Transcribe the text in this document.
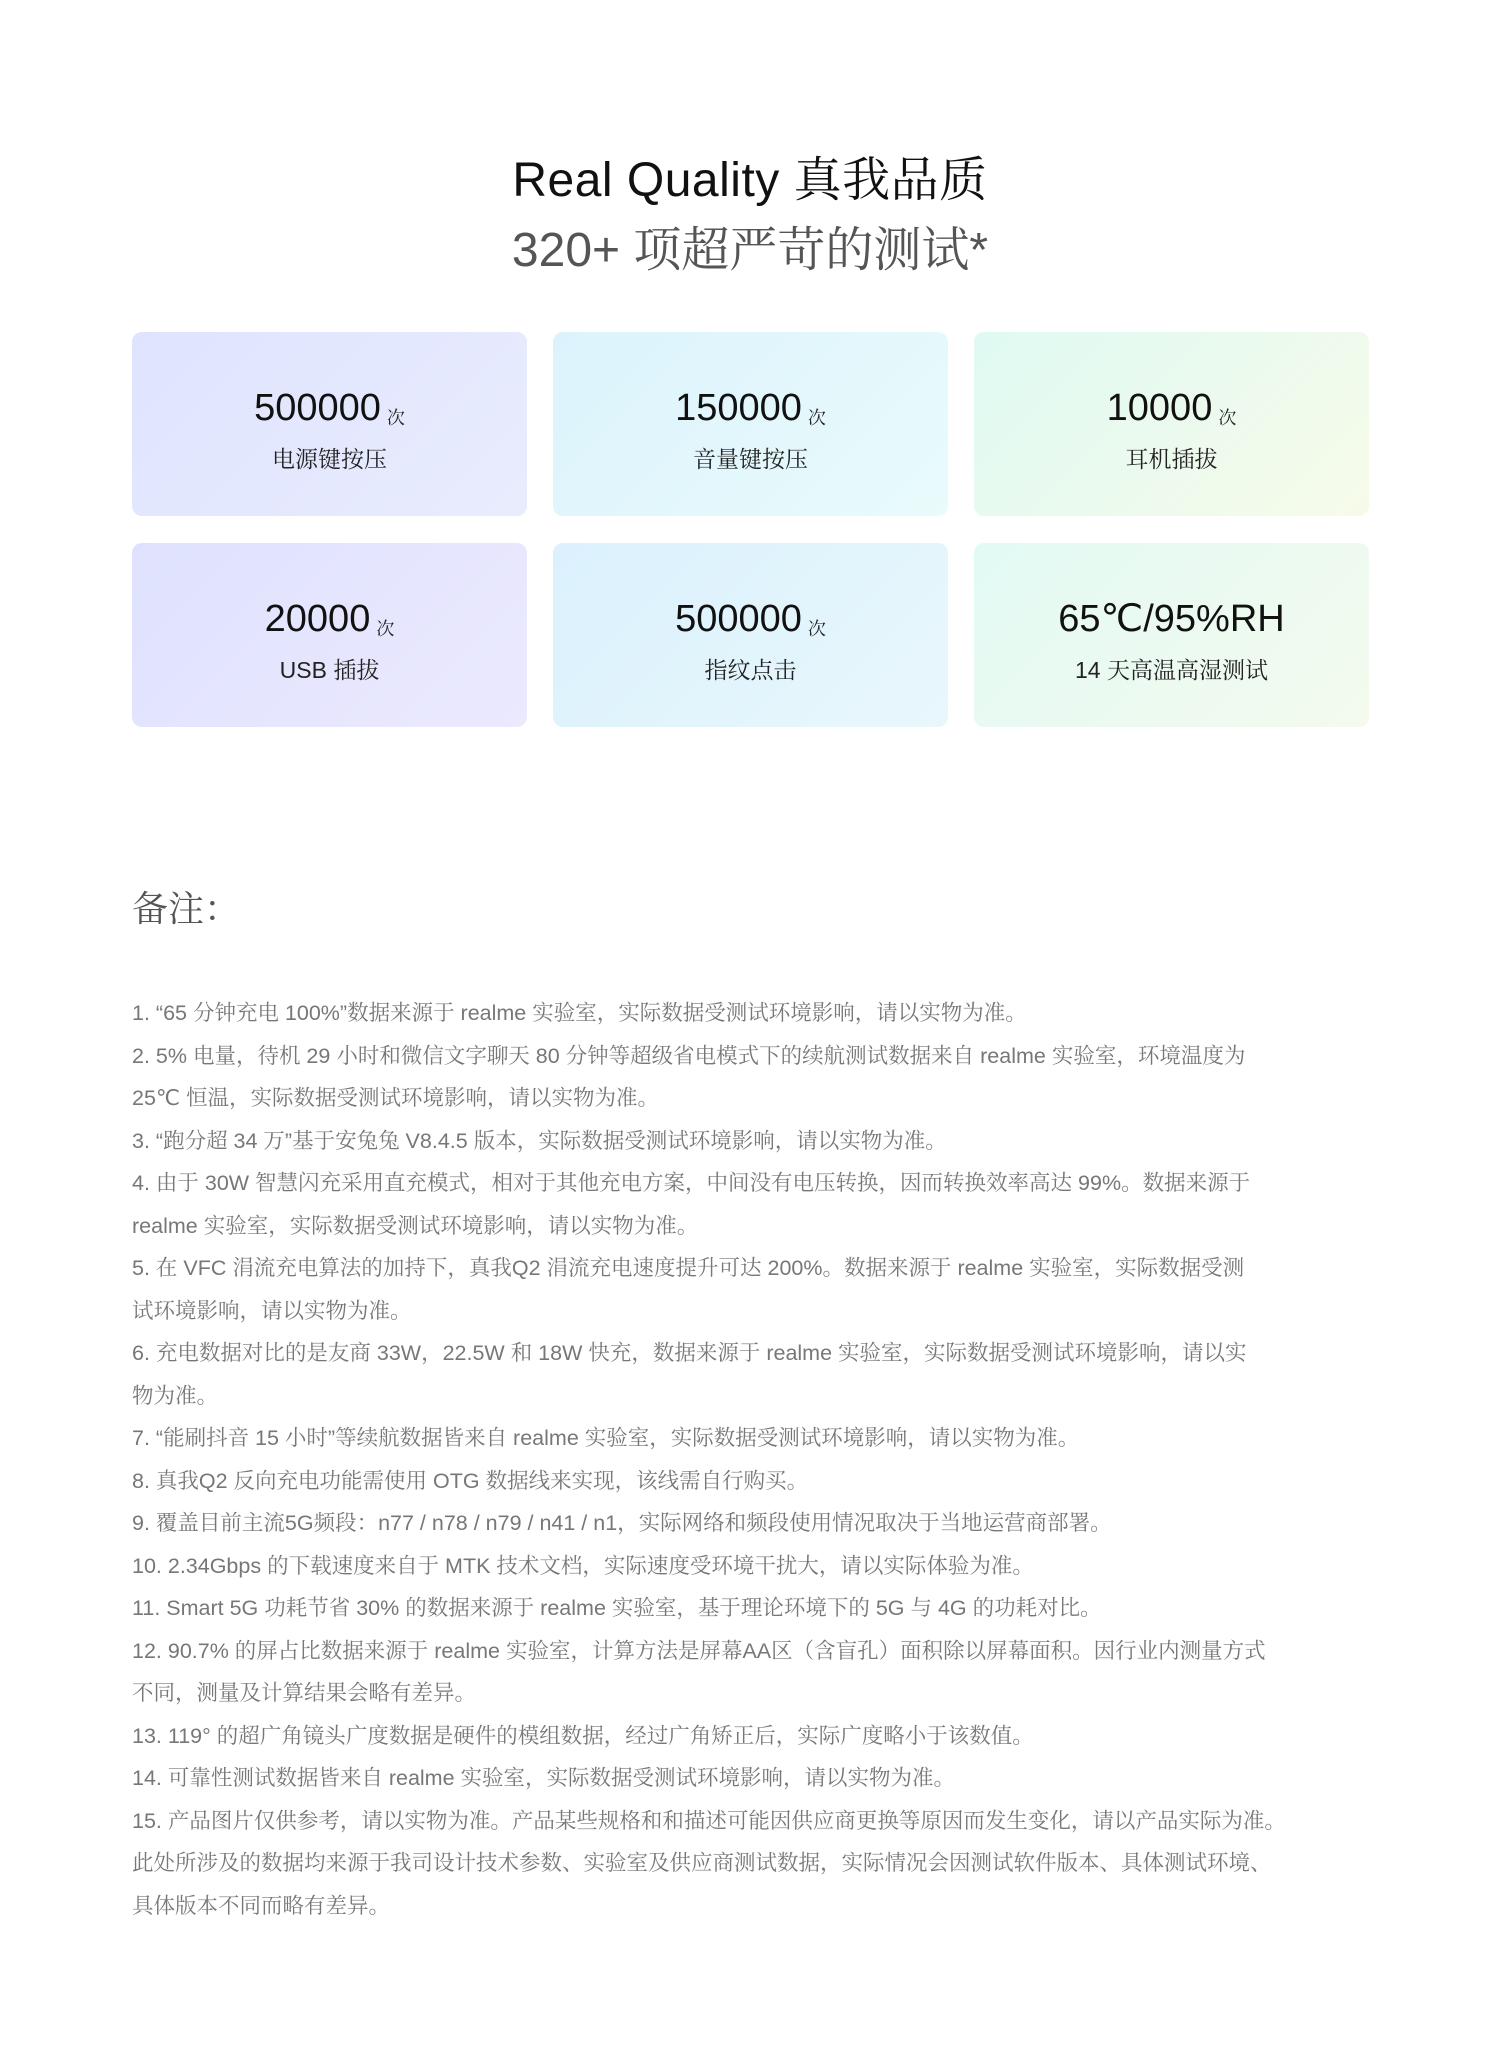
Real Quality 真我品质
320+ 项超严苛的测试*
500000 次
电源键按压
150000 次
音量键按压
10000 次
耳机插拔
20000 次
USB 插拔
500000 次
指纹点击
65℃/95%RH
14 天高温高湿测试
备注：
1. “65 分钟充电 100%”数据来源于 realme 实验室，实际数据受测试环境影响，请以实物为准。
2. 5% 电量，待机 29 小时和微信文字聊天 80 分钟等超级省电模式下的续航测试数据来自 realme 实验室，环境温度为
25℃ 恒温，实际数据受测试环境影响，请以实物为准。
3. “跑分超 34 万”基于安兔兔 V8.4.5 版本，实际数据受测试环境影响，请以实物为准。
4. 由于 30W 智慧闪充采用直充模式，相对于其他充电方案，中间没有电压转换，因而转换效率高达 99%。数据来源于
realme 实验室，实际数据受测试环境影响，请以实物为准。
5. 在 VFC 涓流充电算法的加持下，真我Q2 涓流充电速度提升可达 200%。数据来源于 realme 实验室，实际数据受测
试环境影响，请以实物为准。
6. 充电数据对比的是友商 33W，22.5W 和 18W 快充，数据来源于 realme 实验室，实际数据受测试环境影响，请以实
物为准。
7. “能刷抖音 15 小时”等续航数据皆来自 realme 实验室，实际数据受测试环境影响，请以实物为准。
8. 真我Q2 反向充电功能需使用 OTG 数据线来实现，该线需自行购买。
9. 覆盖目前主流5G频段：n77 / n78 / n79 / n41 / n1，实际网络和频段使用情况取决于当地运营商部署。
10. 2.34Gbps 的下载速度来自于 MTK 技术文档，实际速度受环境干扰大，请以实际体验为准。
11. Smart 5G 功耗节省 30% 的数据来源于 realme 实验室，基于理论环境下的 5G 与 4G 的功耗对比。
12. 90.7% 的屏占比数据来源于 realme 实验室，计算方法是屏幕AA区（含盲孔）面积除以屏幕面积。因行业内测量方式
不同，测量及计算结果会略有差异。
13. 119° 的超广角镜头广度数据是硬件的模组数据，经过广角矫正后，实际广度略小于该数值。
14. 可靠性测试数据皆来自 realme 实验室，实际数据受测试环境影响，请以实物为准。
15. 产品图片仅供参考，请以实物为准。产品某些规格和和描述可能因供应商更换等原因而发生变化，请以产品实际为准。
此处所涉及的数据均来源于我司设计技术参数、实验室及供应商测试数据，实际情况会因测试软件版本、具体测试环境、
具体版本不同而略有差异。
